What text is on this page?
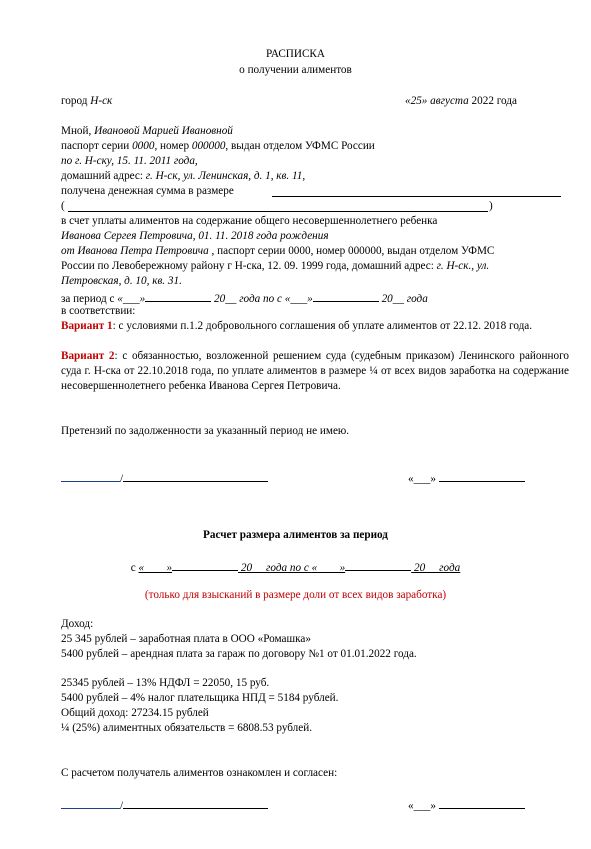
РАСПИСКА
о получении алиментов
город Н-ск	«25» августа 2022 года
Мной, Ивановой Марией Ивановной
паспорт серии 0000, номер 000000, выдан отделом УФМС России
по г. Н-ску, 15. 11. 2011 года,
домашний адрес: г. Н-ск, ул. Ленинская, д. 1, кв. 11,
получена денежная сумма в размере
(	)
в счет уплаты алиментов на содержание общего несовершеннолетнего ребенка
Иванова Сергея Петровича, 01. 11. 2018 года рождения
от Иванова Петра Петровича , паспорт серии 0000, номер 000000, выдан отделом УФМС
России по Левобережному району г Н-ска, 12. 09. 1999 года, домашний адрес: г. Н-ск., ул.
Петровская, д. 10, кв. 31.
за период с «___»	20__ года по с «___»	20__ года
в соответствии:
Вариант 1: с условиями п.1.2 добровольного соглашения об уплате алиментов от 22.12. 2018 года.
Вариант 2: с обязанностью, возложенной решением суда (судебным приказом) Ленинского районного суда г. Н-ска от 22.10.2018 года, по уплате алиментов в размере ¼ от всех видов заработка на содержание несовершеннолетнего ребенка Иванова Сергея Петровича.
Претензий по задолженности за указанный период не имею.
/	«___»
Расчет размера алиментов за период
с «____»	20__ года по с «____»	20__ года
(только для взысканий в размере доли от всех видов заработка)
Доход:
25 345 рублей – заработная плата в ООО «Ромашка»
5400 рублей – арендная плата за гараж по договору №1 от 01.01.2022 года.
25345 рублей – 13% НДФЛ = 22050, 15 руб.
5400 рублей – 4% налог плательщика НПД = 5184 рублей.
Общий доход: 27234.15 рублей
¼ (25%) алиментных обязательств = 6808.53 рублей.
С расчетом получатель алиментов ознакомлен и согласен:
/	«___»
